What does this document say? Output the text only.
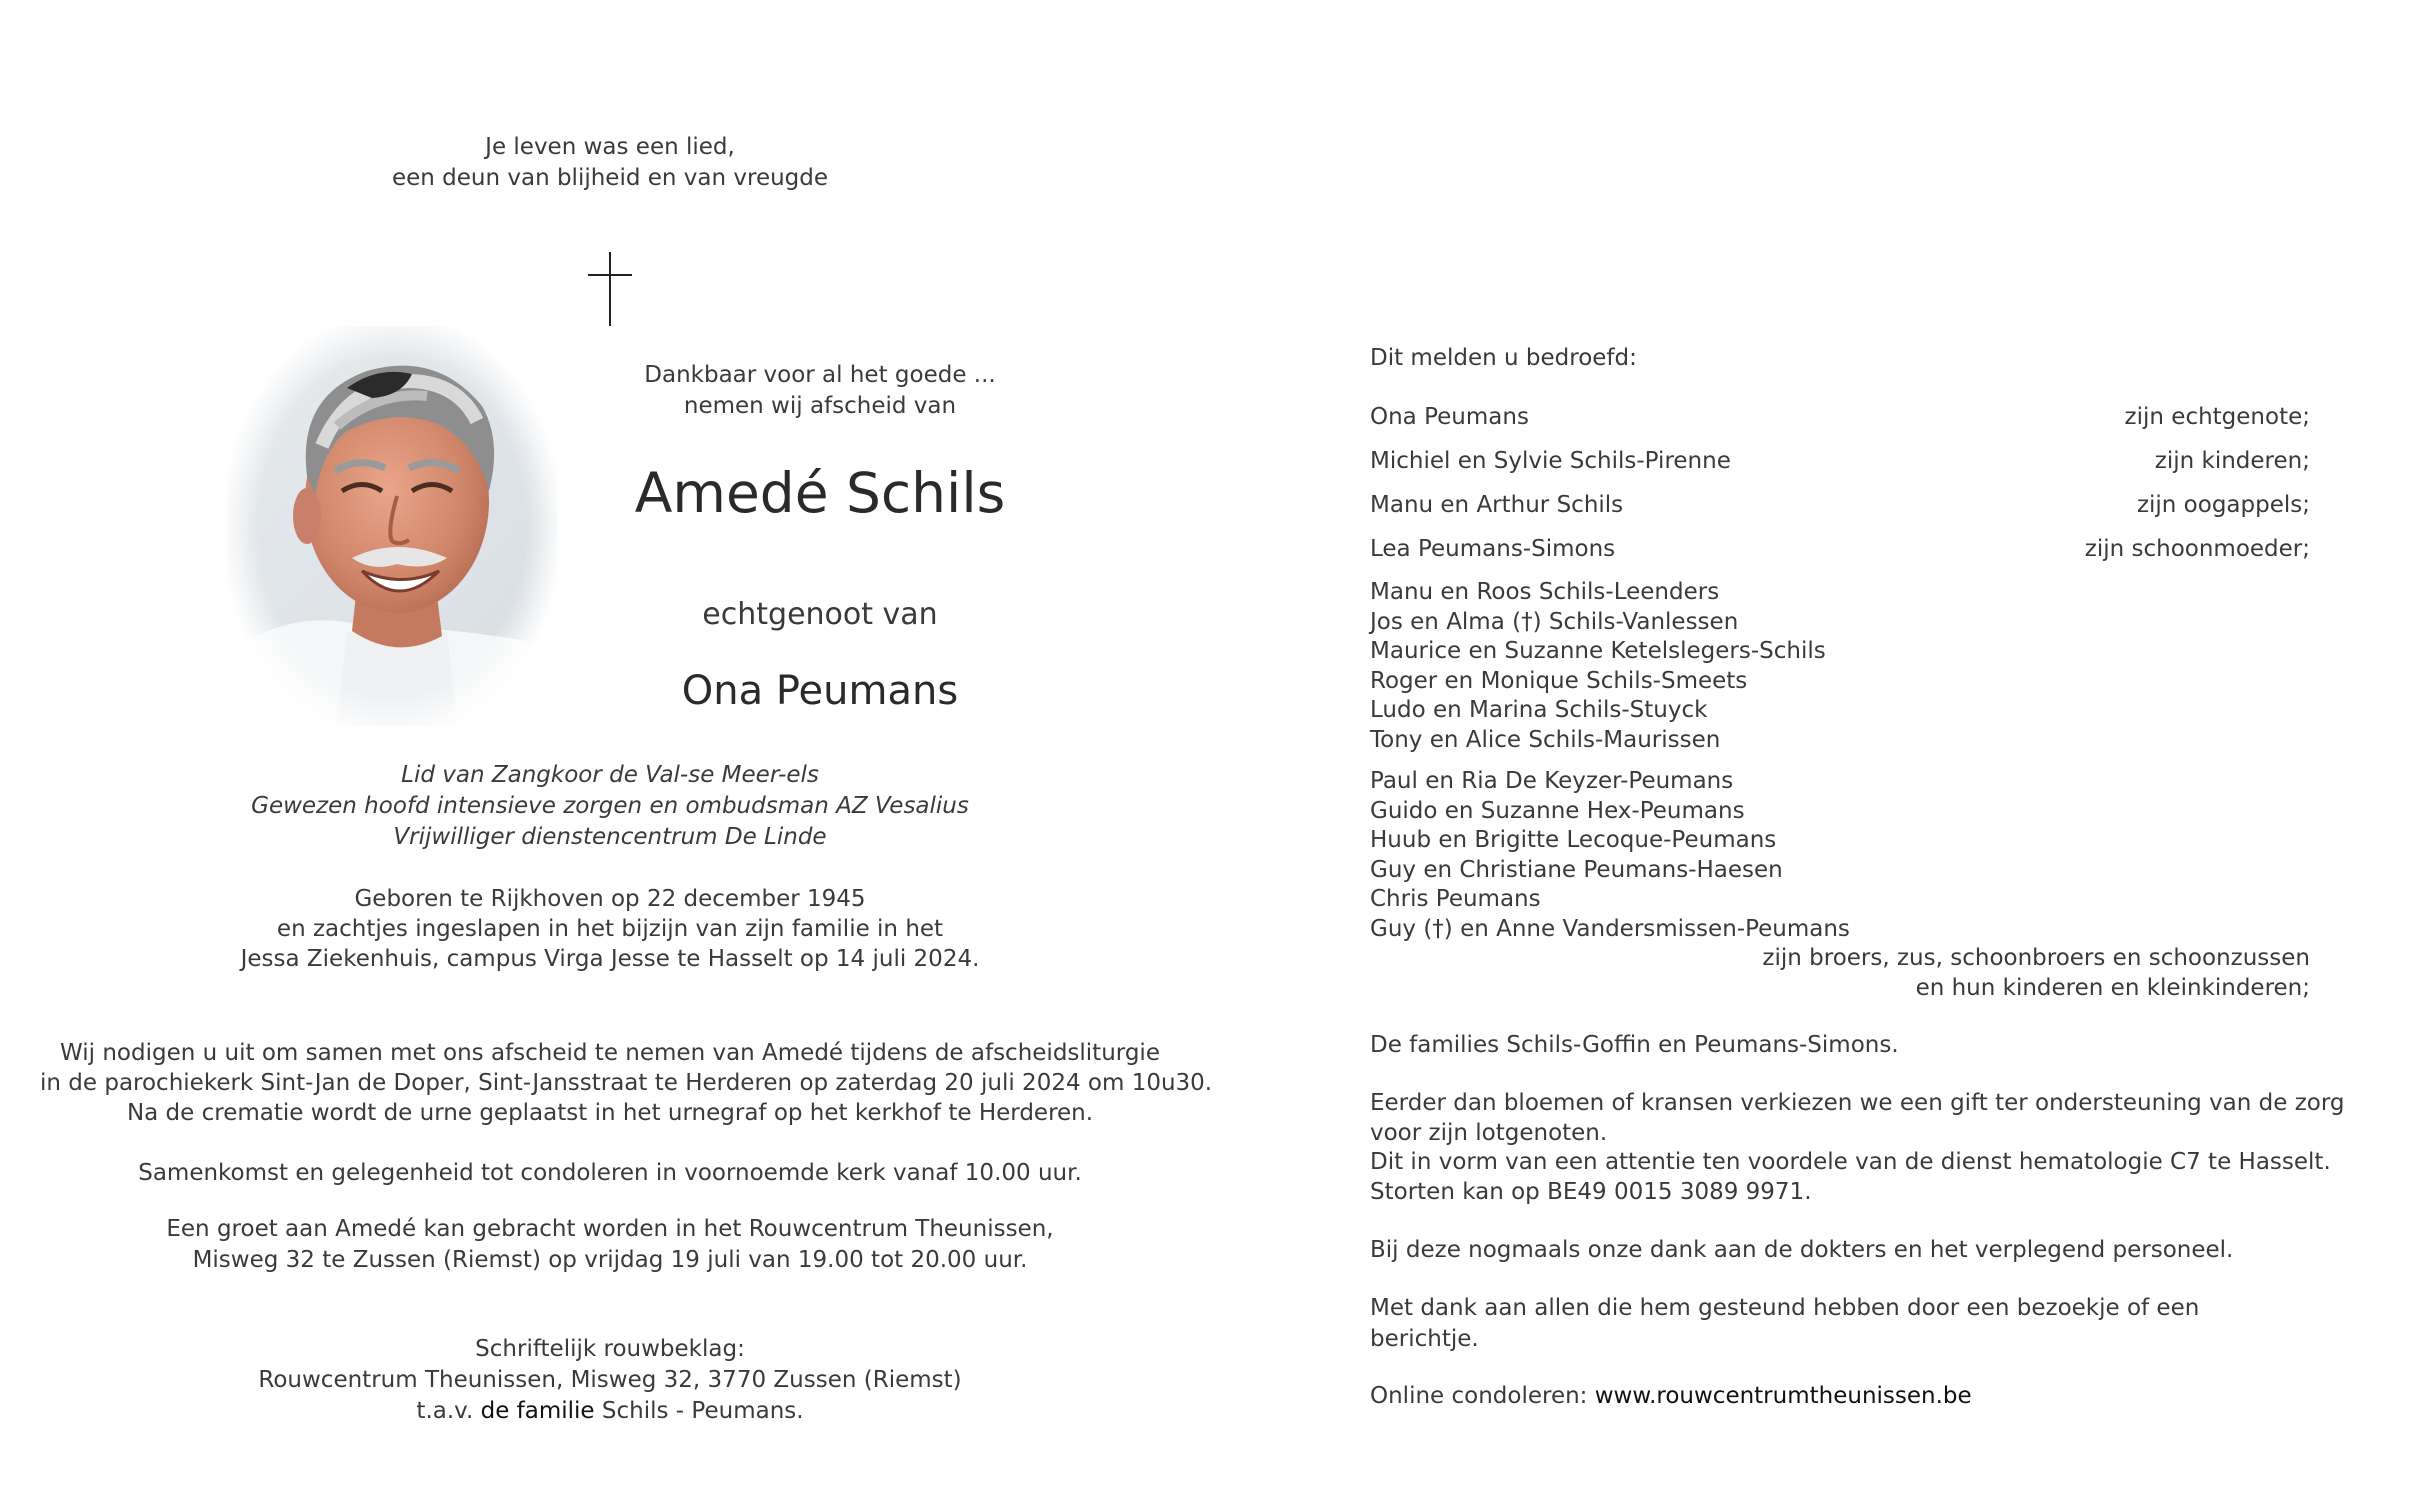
Je leven was een lied,
een deun van blijheid en van vreugde
Dankbaar voor al het goede ...
nemen wij afscheid van
Amedé Schils
echtgenoot van
Ona Peumans
Lid van Zangkoor de Val-se Meer-els
Gewezen hoofd intensieve zorgen en ombudsman AZ Vesalius
Vrijwilliger dienstencentrum De Linde
Geboren te Rijkhoven op 22 december 1945
en zachtjes ingeslapen in het bijzijn van zijn familie in het
Jessa Ziekenhuis, campus Virga Jesse te Hasselt op 14 juli 2024.
Wij nodigen u uit om samen met ons afscheid te nemen van Amedé tijdens de afscheidsliturgie
in de parochiekerk Sint-Jan de Doper, Sint-Jansstraat te Herderen op zaterdag 20 juli 2024 om 10u30.
Na de crematie wordt de urne geplaatst in het urnegraf op het kerkhof te Herderen.
Samenkomst en gelegenheid tot condoleren in voornoemde kerk vanaf 10.00 uur.
Een groet aan Amedé kan gebracht worden in het Rouwcentrum Theunissen,
Misweg 32 te Zussen (Riemst) op vrijdag 19 juli van 19.00 tot 20.00 uur.
Schriftelijk rouwbeklag:
Rouwcentrum Theunissen, Misweg 32, 3770 Zussen (Riemst)
t.a.v. de familie Schils - Peumans.
Dit melden u bedroefd:
Ona Peumans	zijn echtgenote;
Michiel en Sylvie Schils-Pirenne	zijn kinderen;
Manu en Arthur Schils	zijn oogappels;
Lea Peumans-Simons	zijn schoonmoeder;
Manu en Roos Schils-Leenders
Jos en Alma (†) Schils-Vanlessen
Maurice en Suzanne Ketelslegers-Schils
Roger en Monique Schils-Smeets
Ludo en Marina Schils-Stuyck
Tony en Alice Schils-Maurissen
Paul en Ria De Keyzer-Peumans
Guido en Suzanne Hex-Peumans
Huub en Brigitte Lecoque-Peumans
Guy en Christiane Peumans-Haesen
Chris Peumans
Guy (†) en Anne Vandersmissen-Peumans
zijn broers, zus, schoonbroers en schoonzussen
en hun kinderen en kleinkinderen;
De families Schils-Goffin en Peumans-Simons.
Eerder dan bloemen of kransen verkiezen we een gift ter ondersteuning van de zorg
voor zijn lotgenoten.
Dit in vorm van een attentie ten voordele van de dienst hematologie C7 te Hasselt.
Storten kan op BE49 0015 3089 9971.
Bij deze nogmaals onze dank aan de dokters en het verplegend personeel.
Met dank aan allen die hem gesteund hebben door een bezoekje of een berichtje.
Online condoleren: www.rouwcentrumtheunissen.be
